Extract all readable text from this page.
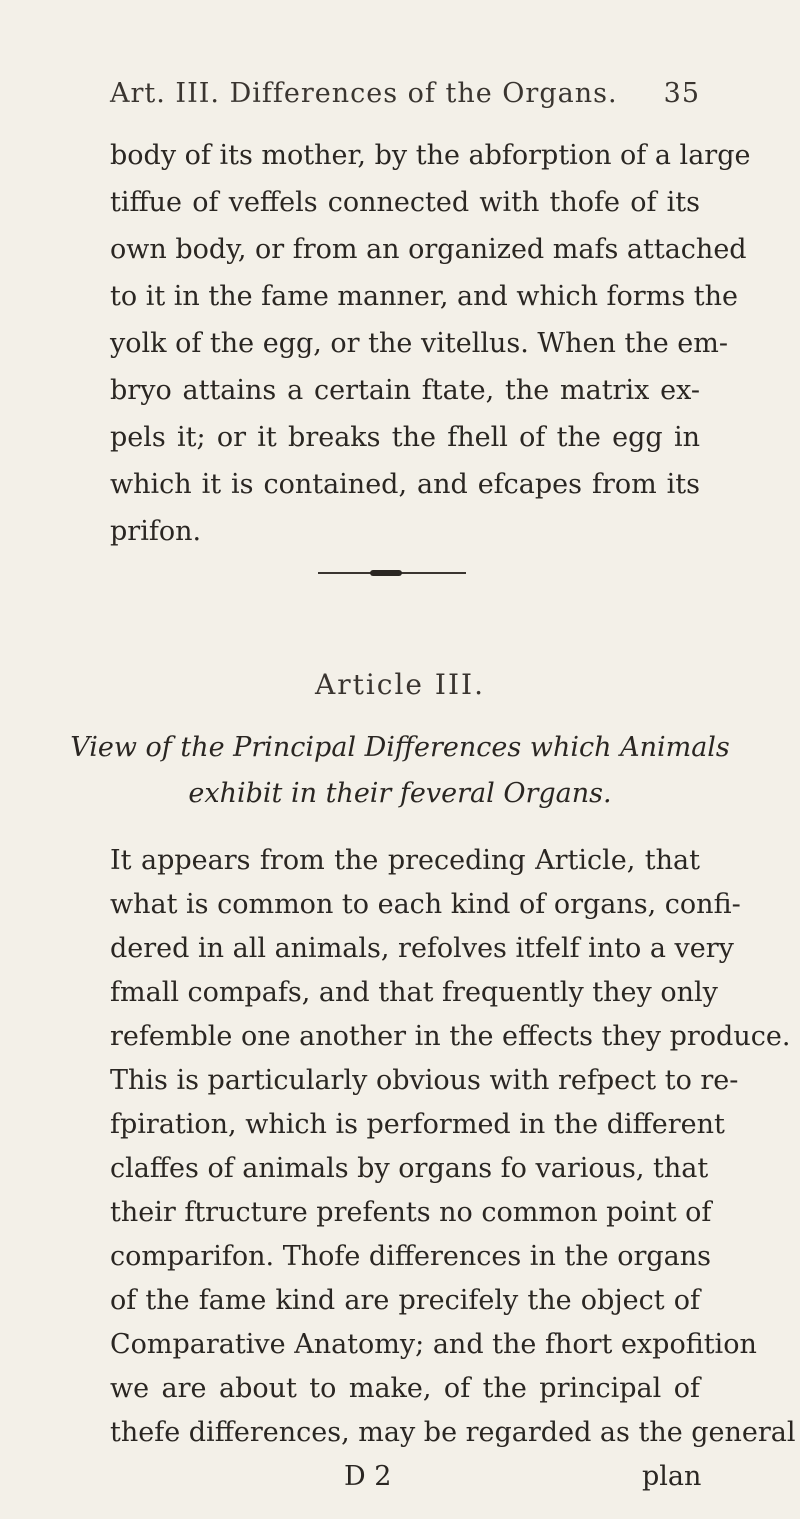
Art. III. Differences of the Organs. 35
body of its mother, by the abforption of a large
tiffue of veffels connected with thofe of its
own body, or from an organized mafs attached
to it in the fame manner, and which forms the
yolk of the egg, or the vitellus. When the em-
bryo attains a certain ftate, the matrix ex-
pels it; or it breaks the fhell of the egg in
which it is contained, and efcapes from its
prifon.
Article III.
View of the Principal Differences which Animals
exhibit in their feveral Organs.
It appears from the preceding Article, that
what is common to each kind of organs, confi-
dered in all animals, refolves itfelf into a very
fmall compafs, and that frequently they only
refemble one another in the effects they produce.
This is particularly obvious with refpect to re-
fpiration, which is performed in the different
claffes of animals by organs fo various, that
their ftructure prefents no common point of
comparifon. Thofe differences in the organs
of the fame kind are precifely the object of
Comparative Anatomy; and the fhort expofition
we are about to make, of the principal of
thefe differences, may be regarded as the general
D 2	plan
